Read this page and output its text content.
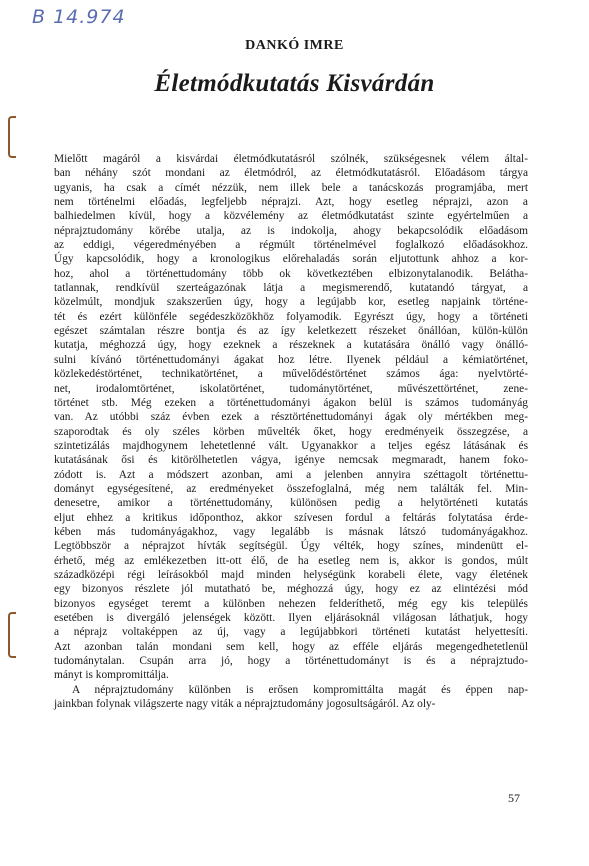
B 14.974
DANKÓ IMRE
Életmódkutatás Kisvárdán
Mielőtt magáról a kisvárdai életmódkutatásról szólnék, szükségesnek vélem által-
ban néhány szót mondani az életmódról, az életmódkutatásról. Előadásom tárgya
ugyanis, ha csak a címét nézzük, nem illek bele a tanácskozás programjába, mert
nem történelmi előadás, legfeljebb néprajzi. Azt, hogy esetleg néprajzi, azon a
balhiedelmen kívül, hogy a közvélemény az életmódkutatást szinte egyértelműen a
néprajztudomány körébe utalja, az is indokolja, ahogy bekapcsolódik előadásom
az eddigi, végeredményében a régmúlt történelmével foglalkozó előadásokhoz.
Úgy kapcsolódik, hogy a kronologikus előrehaladás során eljutottunk ahhoz a kor-
hoz, ahol a történettudomány több ok következtében elbizonytalanodik. Belátha-
tatlannak, rendkívül szerteágazónak látja a megismerendő, kutatandó tárgyat, a
közelmúlt, mondjuk szakszerűen úgy, hogy a legújabb kor, esetleg napjaink történe-
tét és ezért különféle segédeszközökhöz folyamodik. Egyrészt úgy, hogy a történeti
egészet számtalan részre bontja és az így keletkezett részeket önállóan, külön-külön
kutatja, méghozzá úgy, hogy ezeknek a részeknek a kutatására önálló vagy önálló-
sulni kívánó történettudományi ágakat hoz létre. Ilyenek például a kémiatörténet,
közlekedéstörténet, technikatörténet, a művelődéstörténet számos ága: nyelvtörté-
net, irodalomtörténet, iskolatörténet, tudománytörténet, művészettörténet, zene-
történet stb. Még ezeken a történettudományi ágakon belül is számos tudományág
van. Az utóbbi száz évben ezek a résztörténettudományi ágak oly mértékben meg-
szaporodtak és oly széles körben művelték őket, hogy eredményeik összegzése, a
szintetizálás majdhogynem lehetetlenné vált. Ugyanakkor a teljes egész látásának és
kutatásának ősi és kitörölhetetlen vágya, igénye nemcsak megmaradt, hanem foko-
zódott is. Azt a módszert azonban, ami a jelenben annyira széttagolt történettu-
dományt egységesítené, az eredményeket összefoglalná, még nem találták fel. Min-
denesetre, amikor a történettudomány, különösen pedig a helytörténeti kutatás
eljut ehhez a kritikus időponthoz, akkor szívesen fordul a feltárás folytatása érde-
kében más tudományágakhoz, vagy legalább is másnak látszó tudományágakhoz.
Legtöbbször a néprajzot hívták segítségül. Úgy vélték, hogy színes, mindenütt el-
érhető, még az emlékezetben itt-ott élő, de ha esetleg nem is, akkor is gondos, múlt
századközépi régi leírásokból majd minden helységünk korabeli élete, vagy életének
egy bizonyos részlete jól mutatható be, méghozzá úgy, hogy ez az elintézési mód
bizonyos egységet teremt a különben nehezen felderíthető, még egy kis település
esetében is divergáló jelenségek között. Ilyen eljárásoknál világosan láthatjuk, hogy
a néprajz voltaképpen az új, vagy a legújabbkori történeti kutatást helyettesíti.
Azt azonban talán mondani sem kell, hogy az efféle eljárás megengedhetetlenül
tudománytalan. Csupán arra jó, hogy a történettudományt is és a néprajztudo-
mányt is kompromittálja.
A néprajztudomány különben is erősen kompromittálta magát és éppen nap-
jainkban folynak világszerte nagy viták a néprajztudomány jogosultságáról. Az oly-
57
